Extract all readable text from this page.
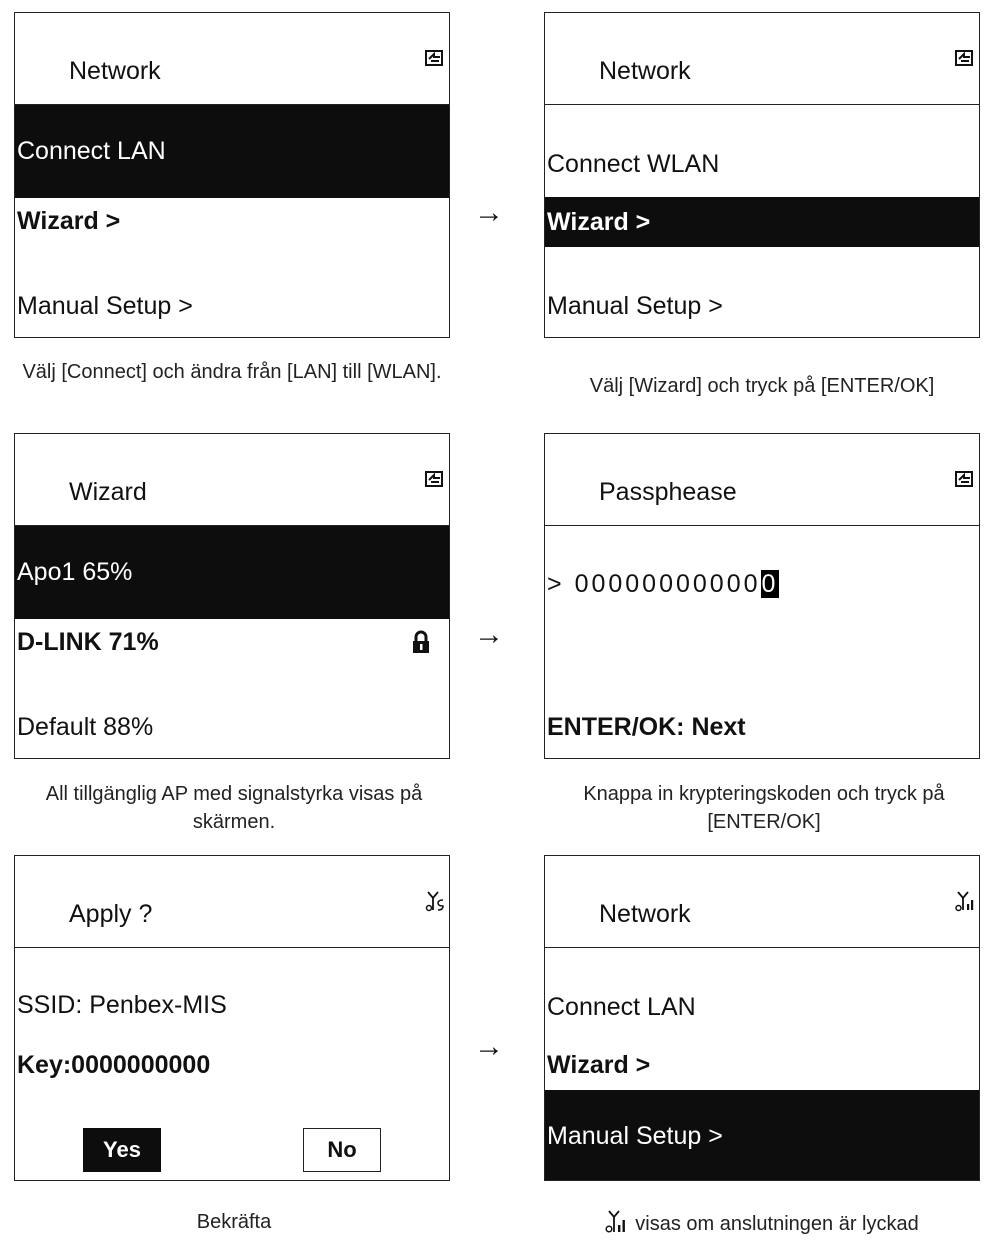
Network
Connect LAN
Wizard >
Manual Setup >
→
Network
Connect WLAN
Wizard >
Manual Setup >
Välj [Connect] och ändra från [LAN] till [WLAN].
Välj [Wizard] och tryck på [ENTER/OK]
Wizard
Apo1 65%
D-LINK 71%
Default 88%
→
Passphease
> 000000000000
ENTER/OK: Next
All tillgänglig AP med signalstyrka visas på skärmen.
Knappa in krypteringskoden och tryck på [ENTER/OK]
Apply ?
SSID: Penbex-MIS
Key:0000000000
Yes	No
→
Network
Connect LAN
Wizard >
Manual Setup >
Bekräfta	visas om anslutningen är lyckad
